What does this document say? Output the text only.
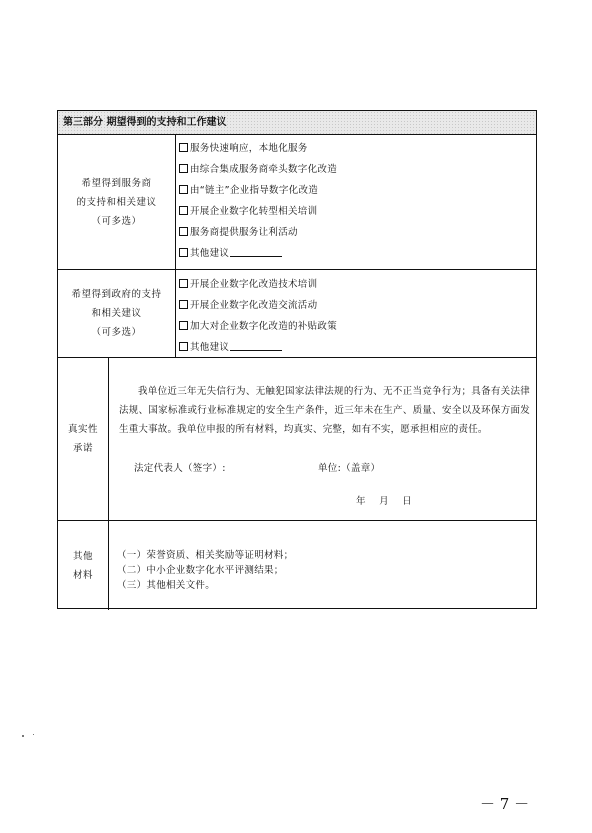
第三部分 期望得到的支持和工作建议
希望得到服务商
的支持和相关建议
（可多选）
服务快速响应，本地化服务
由综合集成服务商牵头数字化改造
由“链主”企业指导数字化改造
开展企业数字化转型相关培训
服务商提供服务让利活动
其他建议
希望得到政府的支持
和相关建议
（可多选）
开展企业数字化改造技术培训
开展企业数字化改造交流活动
加大对企业数字化改造的补贴政策
其他建议
真实性
承诺
我单位近三年无失信行为、无触犯国家法律法规的行为、无不正当竞争行为；具备有关法律法规、国家标准或行业标准规定的安全生产条件，近三年未在生产、质量、安全以及环保方面发生重大事故。我单位申报的所有材料，均真实、完整，如有不实，愿承担相应的责任。
法定代表人（签字）:	单位:（盖章）
年    月    日
其他
材料
（一）荣誉资质、相关奖励等证明材料；
（二）中小企业数字化水平评测结果；
（三）其他相关文件。
－ 7 －
